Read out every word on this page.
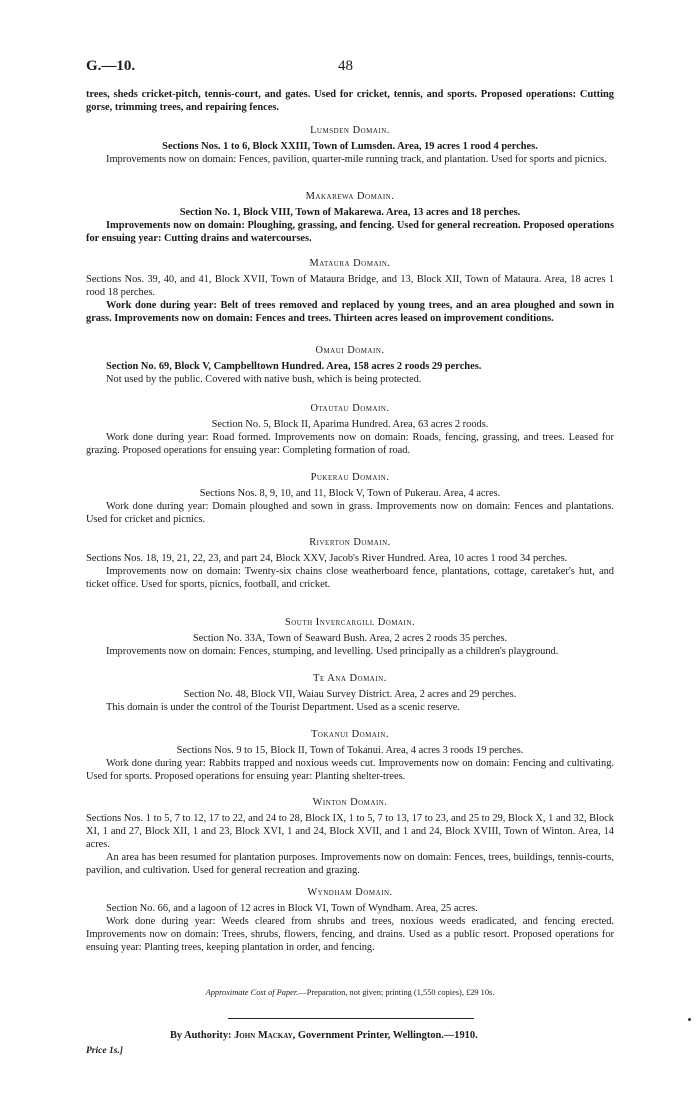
G.—10.	48

trees, sheds cricket-pitch, tennis-court, and gates. Used for cricket, tennis, and sports. Proposed operations: Cutting gorse, trimming trees, and repairing fences.

Lumsden Domain.

Sections Nos. 1 to 6, Block XXIII, Town of Lumsden. Area, 19 acres 1 rood 4 perches.

Improvements now on domain: Fences, pavilion, quarter-mile running track, and plantation. Used for sports and picnics.

Makarewa Domain.

Section No. 1, Block VIII, Town of Makarewa. Area, 13 acres and 18 perches.

Improvements now on domain: Ploughing, grassing, and fencing. Used for general recreation. Proposed operations for ensuing year: Cutting drains and watercourses.

Mataura Domain.

Sections Nos. 39, 40, and 41, Block XVII, Town of Mataura Bridge, and 13, Block XII, Town of Mataura. Area, 18 acres 1 rood 18 perches.

Work done during year: Belt of trees removed and replaced by young trees, and an area ploughed and sown in grass. Improvements now on domain: Fences and trees. Thirteen acres leased on improvement conditions.

Omaui Domain.

Section No. 69, Block V, Campbelltown Hundred. Area, 158 acres 2 roods 29 perches.

Not used by the public. Covered with native bush, which is being protected.

Otautau Domain.

Section No. 5, Block II, Aparima Hundred. Area, 63 acres 2 roods.

Work done during year: Road formed. Improvements now on domain: Roads, fencing, grassing, and trees. Leased for grazing. Proposed operations for ensuing year: Completing formation of road.

Pukerau Domain.

Sections Nos. 8, 9, 10, and 11, Block V, Town of Pukerau. Area, 4 acres.

Work done during year: Domain ploughed and sown in grass. Improvements now on domain: Fences and plantations. Used for cricket and picnics.

Riverton Domain.

Sections Nos. 18, 19, 21, 22, 23, and part 24, Block XXV, Jacob's River Hundred. Area, 10 acres 1 rood 34 perches.

Improvements now on domain: Twenty-six chains close weatherboard fence, plantations, cottage, caretaker's hut, and ticket office. Used for sports, picnics, football, and cricket.

South Invercargill Domain.

Section No. 33A, Town of Seaward Bush. Area, 2 acres 2 roods 35 perches.

Improvements now on domain: Fences, stumping, and levelling. Used principally as a children's playground.

Te Ana Domain.

Section No. 48, Block VII, Waiau Survey District. Area, 2 acres and 29 perches.

This domain is under the control of the Tourist Department. Used as a scenic reserve.

Tokanui Domain.

Sections Nos. 9 to 15, Block II, Town of Tokanui. Area, 4 acres 3 roods 19 perches.

Work done during year: Rabbits trapped and noxious weeds cut. Improvements now on domain: Fencing and cultivating. Used for sports. Proposed operations for ensuing year: Planting shelter-trees.

Winton Domain.

Sections Nos. 1 to 5, 7 to 12, 17 to 22, and 24 to 28, Block IX, 1 to 5, 7 to 13, 17 to 23, and 25 to 29, Block X, 1 and 32, Block XI, 1 and 27, Block XII, 1 and 23, Block XVI, 1 and 24, Block XVII, and 1 and 24, Block XVIII, Town of Winton. Area, 14 acres.

An area has been resumed for plantation purposes. Improvements now on domain: Fences, trees, buildings, tennis-courts, pavilion, and cultivation. Used for general recreation and grazing.

Wyndham Domain.

Section No. 66, and a lagoon of 12 acres in Block VI, Town of Wyndham. Area, 25 acres.

Work done during year: Weeds cleared from shrubs and trees, noxious weeds eradicated, and fencing erected. Improvements now on domain: Trees, shrubs, flowers, fencing, and drains. Used as a public resort. Proposed operations for ensuing year: Planting trees, keeping plantation in order, and fencing.

Approximate Cost of Paper.—Preparation, not given; printing (1,550 copies), £29 10s.
By Authority: John Mackay, Government Printer, Wellington.—1910.
Price 1s.]
